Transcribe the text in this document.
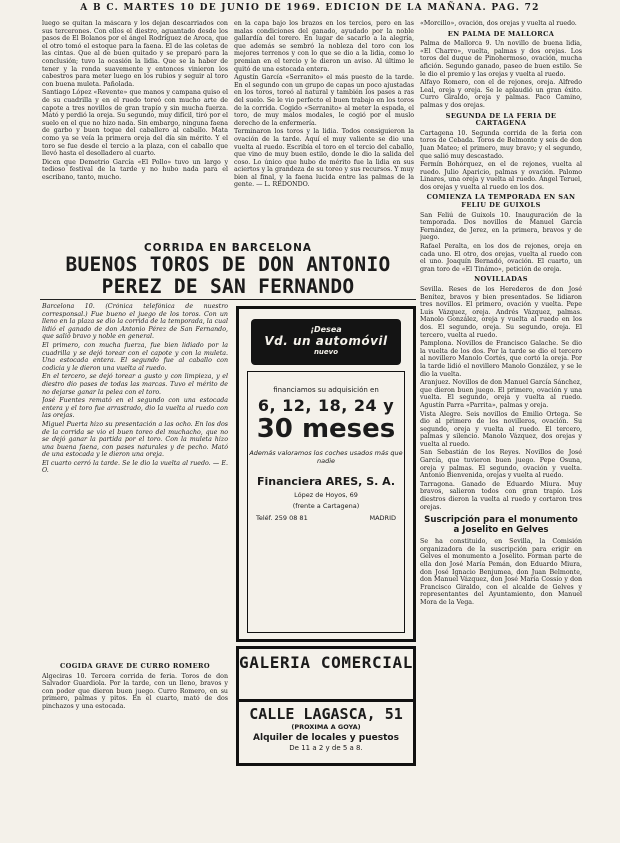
A B C. MARTES 10 DE JUNIO DE 1969. EDICION DE LA MAÑANA. PAG. 72

luego se quitan la máscara y los dejan descarriados con sus tercerones. Con ellos el diestro, aguantado desde los pasos de El Bolanos por el ángel Rodríguez de Aroca, que el otro tomó el estoque para la faena. El de las coletas de las cintas. Que al de buen quitado y se preparó para la conclusión; tuvo la ocasión la lidia. Que se la haber de tener y la ronda suavemente y entonces vinieron los cabestros para meter luego en los rubios y seguir al toro con buena muleta. Pañolada.

Santiago López «Revente» que manos y campana quiso el de su cuadrilla y en el ruedo toreó con mucho arte de capote a tres novillos de gran trapío y sin mucha fuerza. Mató y perdió la oreja. Su segundo, muy difícil, tiró por el suelo en el que no hizo nada. Sin embargo, ninguna faena de garbo y buen toque del caballero al caballo. Mata como ya se veía la primera oreja del día sin mérito. Y el toro se fue desde el tercio a la plaza, con el caballo que llevó hasta el desolladero al cuarto.

Dicen que Demetrio García «El Pollo» tuvo un largo y tedioso festival de la tarde y no hubo nada para el escribano, tanto, mucho.

en la capa bajo los brazos en los tercios, pero en las malas condiciones del ganado, ayudado por la noble gallardía del torero. En lugar de sacarlo a la alegría, que además se sembró la nobleza del toro con los mejores terrenos y con lo que se dio a la lidia, como lo premian en el tercio y le dieron un aviso. Al último le quitó de una estocada entera.

Agustín García «Serranito» el más puesto de la tarde. En el segundo con un grupo de capas un poco ajustadas en los toros, toreó al natural y también los pases a ras del suelo. Se le vio perfecto el buen trabajo en los toros de la corrida. Cogido «Serranito» al meter la espada, el toro, de muy malos modales, le cogió por el muslo derecho de la enfermería.

Terminaron los toros y la lidia. Todos consiguieron la ovación de la tarde. Aquí el muy valiente se dio una vuelta al ruedo. Escribía el toro en el tercio del caballo, que vino de muy buen estilo, donde le dio la salida del coso. Lo único que hubo de mérito fue la lidia en sus aciertos y la grandeza de su toreo y sus recursos. Y muy bien al final, y la faena lucida entre las palmas de la gente. — L. REDONDO.

CORRIDA EN BARCELONA
BUENOS TOROS DE DON ANTONIO PEREZ DE SAN FERNANDO

Barcelona 10. (Crónica telefónica de nuestro corresponsal.) Fue bueno el juego de los toros. Con un lleno en la plaza se dio la corrida de la temporada, la cual lidió el ganado de don Antonio Pérez de San Fernando, que salió bravo y noble en general.

El primero, con mucha fuerza, fue bien lidiado por la cuadrilla y se dejó torear con el capote y con la muleta. Una estocada entera. El segundo fue al caballo con codicia y le dieron una vuelta al ruedo.

En el tercero, se dejó torear a gusto y con limpieza, y el diestro dio pases de todas las marcas. Tuvo el mérito de no dejarse ganar la pelea con el toro.

José Fuentes remató en el segundo con una estocada entera y el toro fue arrastrado, dio la vuelta al ruedo con las orejas.

Miguel Puerta hizo su presentación a las ocho. En los dos de la corrida se vio el buen toreo del muchacho, que no se dejó ganar la partida por el toro. Con la muleta hizo una buena faena, con pases naturales y de pecho. Mató de una estocada y le dieron una oreja.

El cuarto cerró la tarde. Se le dio la vuelta al ruedo. — E. O.

COGIDA GRAVE DE CURRO ROMERO

Algeciras 10. Tercera corrida de feria. Toros de don Salvador Guardiola. Por la tarde, con un lleno, bravos y con poder que dieron buen juego. Curro Romero, en su primero, palmas y pitos. En el cuarto, mató de dos pinchazos y una estocada.

«Morcillo», ovación, dos orejas y vuelta al ruedo.

EN PALMA DE MALLORCA

Palma de Mallorca 9. Un novillo de buena lidia, «El Charro», vuelta, palmas y dos orejas. Los toros del duque de Pinohermoso, ovación, mucha afición. Segundo ganado, paseo de buen estilo. Se le dio el premio y las orejas y vuelta al ruedo.

Alfayo Romero, con el de rejones, oreja. Alfredo Leal, oreja y oreja. Se le aplaudió un gran éxito. Curro Giraldo, oreja y palmas. Paco Camino, palmas y dos orejas.

SEGUNDA DE LA FERIA DE CARTAGENA

Cartagena 10. Segunda corrida de la feria con toros de Cebada. Toros de Belmonte y seis de don Juan Mateo; el primero, muy bravo; y el segundo, que salió muy descastado.

Fermín Bohórquez, en el de rejones, vuelta al ruedo. Julio Aparicio, palmas y ovación. Palomo Linares, una oreja y vuelta al ruedo. Ángel Teruel, dos orejas y vuelta al ruedo en los dos.

COMIENZA LA TEMPORADA EN SAN FELIU DE GUIXOLS

San Feliú de Guixols 10. Inauguración de la temporada. Dos novillos de Manuel García Fernández, de Jerez, en la primera, bravos y de juego.

Rafael Peralta, en los dos de rejones, oreja en cada uno. El otro, dos orejas, vuelta al ruedo con el uno. Joaquín Bernadó, ovación. El cuarto, un gran toro de «El Tinámo», petición de oreja.

NOVILLADAS

Sevilla. Reses de los Herederos de don José Benítez, bravos y bien presentados. Se lidiaron tres novillos. El primero, ovación y vuelta. Pepe Luis Vázquez, oreja. Andrés Vázquez, palmas. Manolo González, oreja y vuelta al ruedo en los dos. El segundo, oreja. Su segundo, oreja. El tercero, vuelta al ruedo.

Pamplona. Novillos de Francisco Galache. Se dio la vuelta de los dos. Por la tarde se dio el tercero al novillero Manolo Cortés, que cortó la oreja. Por la tarde lidió el novillero Manolo González, y se le dio la vuelta.

Aranjuez. Novillos de don Manuel García Sánchez, que dieron buen juego. El primero, ovación y una vuelta. El segundo, oreja y vuelta al ruedo. Agustín Parra «Parrita», palmas y oreja.

Vista Alegre. Seis novillos de Emilio Ortega. Se dio al primero de los novilleros, ovación. Su segundo, oreja y vuelta al ruedo. El tercero, palmas y silencio. Manolo Vázquez, dos orejas y vuelta al ruedo.

San Sebastián de los Reyes. Novillos de José García, que tuvieron buen juego. Pepe Osuna, oreja y palmas. El segundo, ovación y vuelta. Antonio Bienvenida, orejas y vuelta al ruedo.

Tarragona. Ganado de Eduardo Miura. Muy bravos, salieron todos con gran trapío. Los diestros dieron la vuelta al ruedo y cortaron tres orejas.

Suscripción para el monumento a Joselito en Gelves

Se ha constituido, en Sevilla, la Comisión organizadora de la suscripción para erigir en Gelves el monumento a Joselito. Forman parte de ella don José María Pemán, don Eduardo Miura, don José Ignacio Benjumea, don Juan Belmonte, don Manuel Vázquez, don José María Cossío y don Francisco Giraldo, con el alcalde de Gelves y representantes del Ayuntamiento, don Manuel Mora de la Vega.

¡Desea
Vd. un automóvil
nuevo
financiamos su adquisición en
6, 12, 18, 24 y
30 meses
Además valoramos los coches usados más que nadie
Financiera ARES, S. A.
López de Hoyos, 69
(frente a Cartagena)
Teléf. 259 08 81	MADRID
GALERIA COMERCIAL
CALLE LAGASCA, 51
(PROXIMA A GOYA)
Alquiler de locales y puestos
De 11 a 2 y de 5 a 8.
